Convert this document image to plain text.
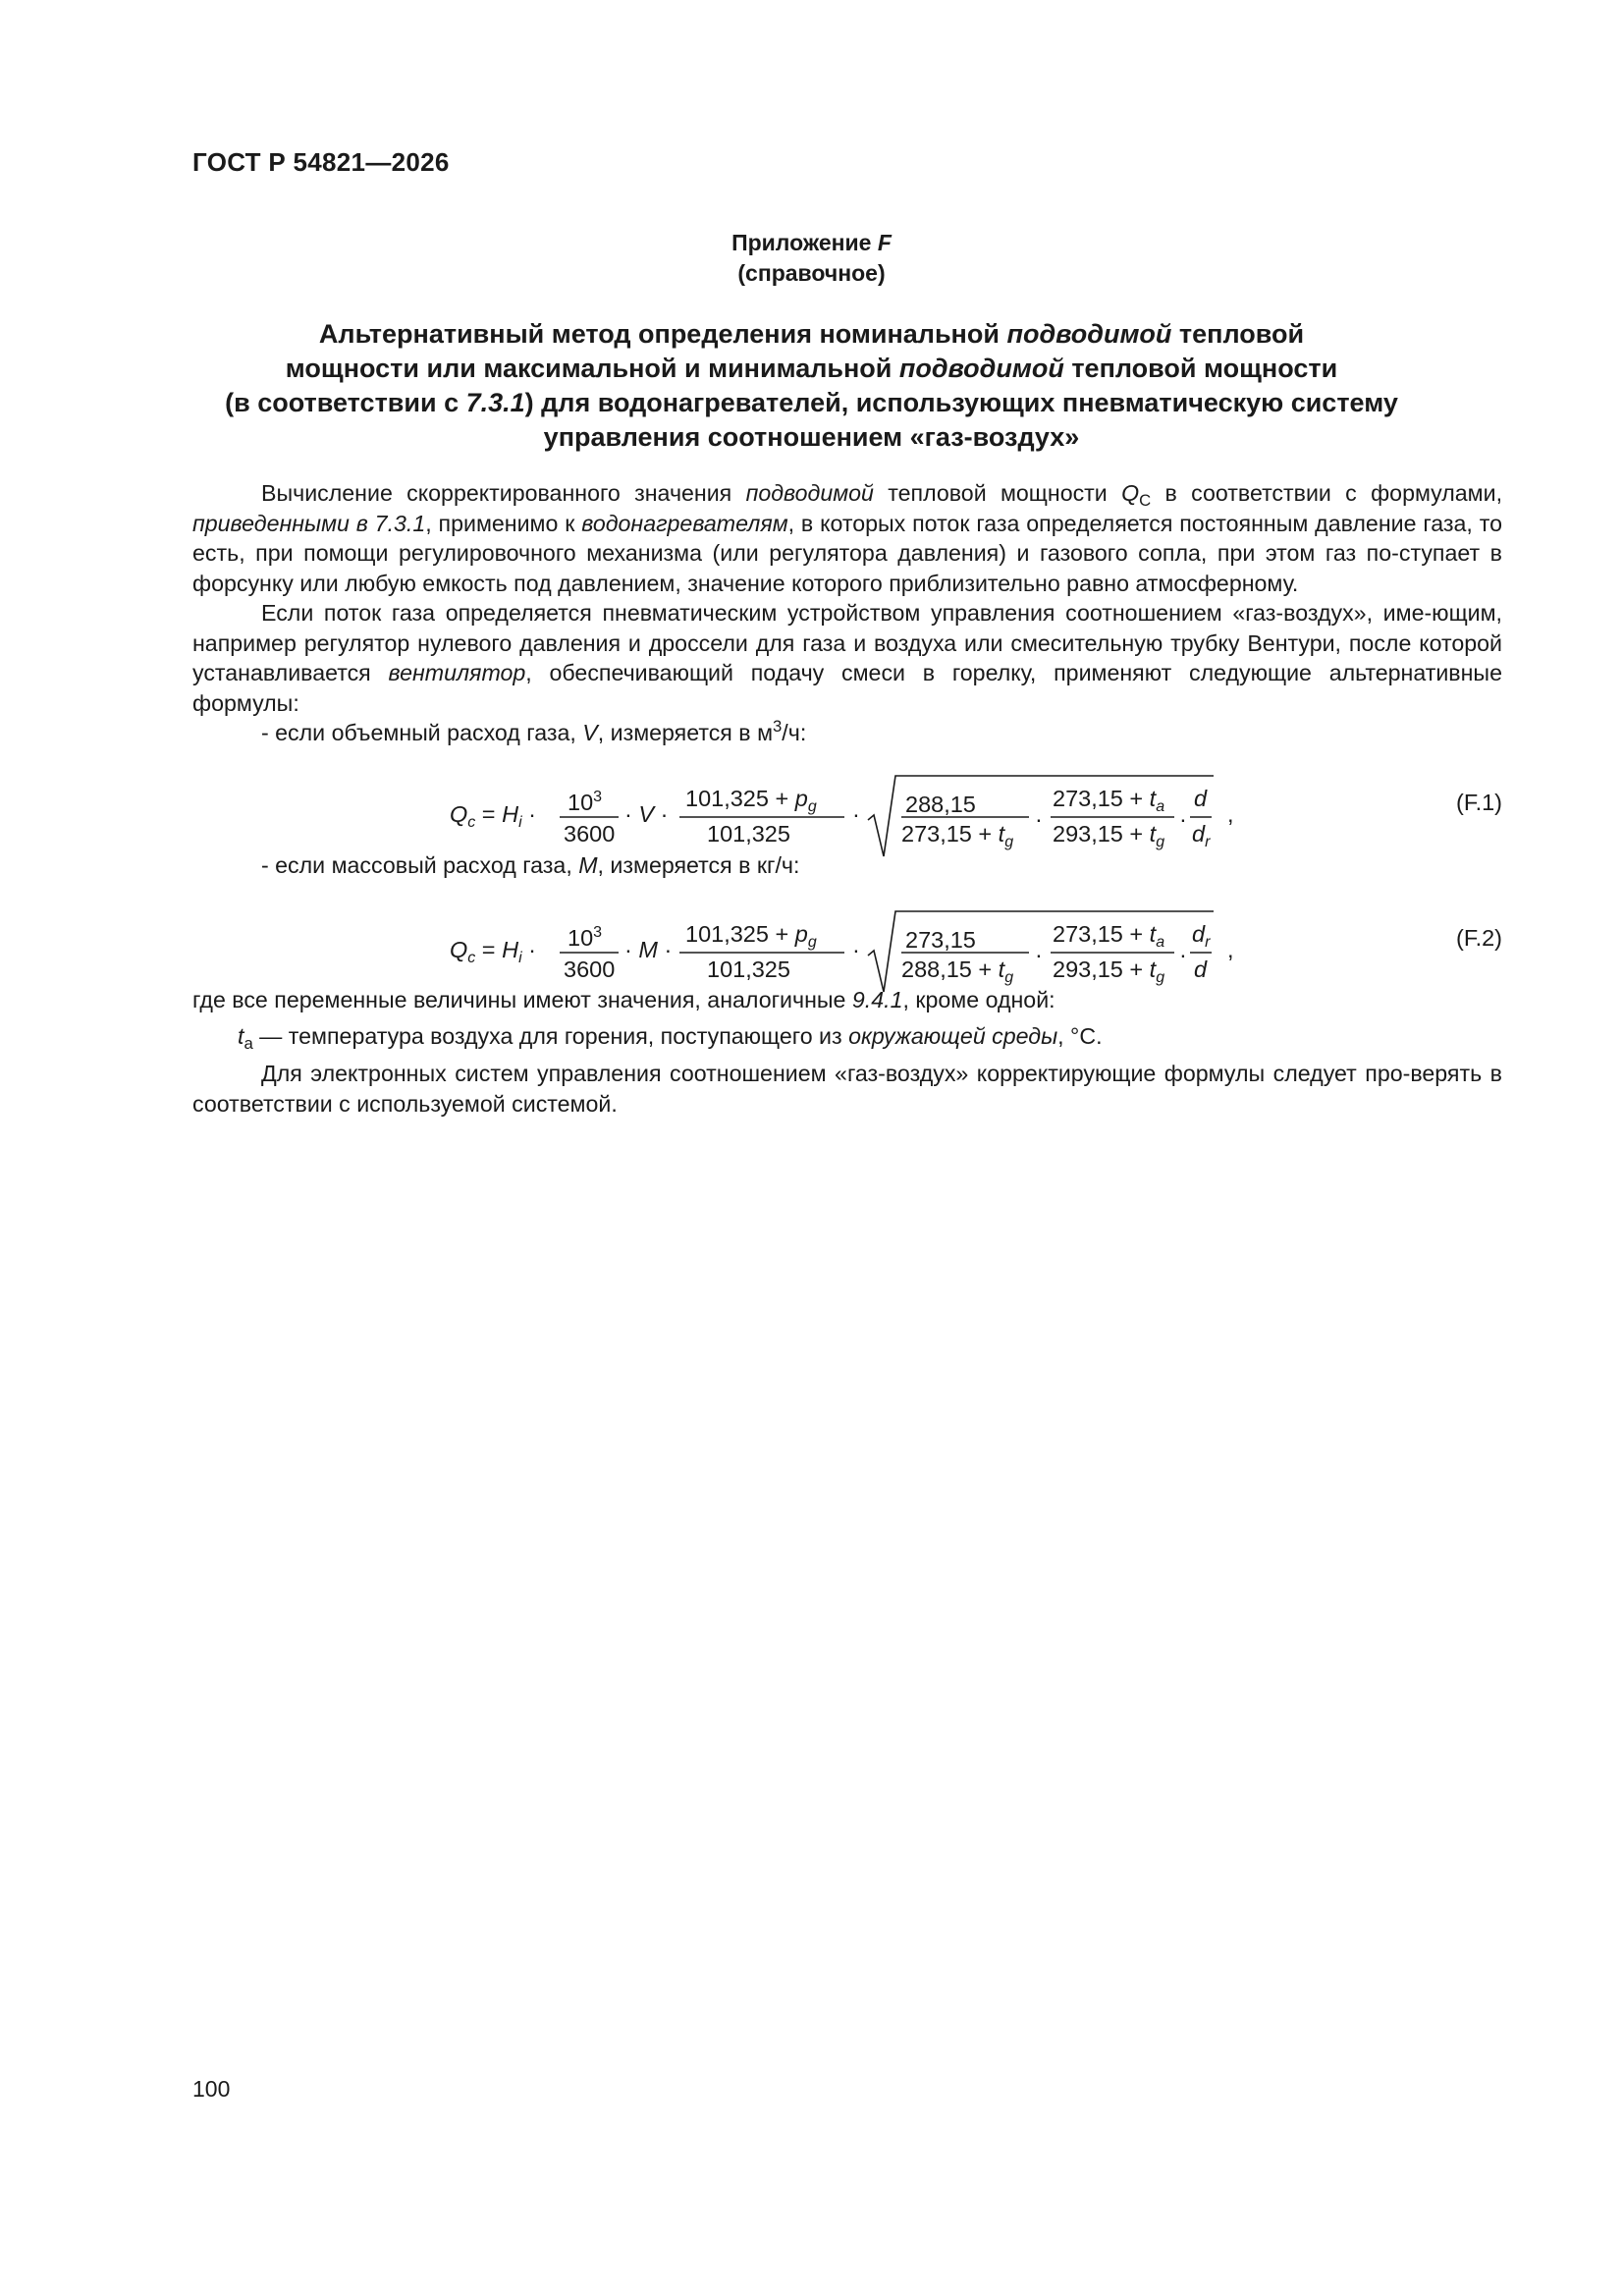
ГОСТ Р 54821—2026
Приложение F
(справочное)
Альтернативный метод определения номинальной подводимой тепловой
мощности или максимальной и минимальной подводимой тепловой мощности
(в соответствии с 7.3.1) для водонагревателей, использующих пневматическую систему
управления соотношением «газ-воздух»

Вычисление скорректированного значения подводимой тепловой мощности $Q_C$ в соответствии с формулами, приведенными в 7.3.1, применимо к водонагревателям, в которых поток газа определяется постоянным давление газа, то есть, при помощи регулировочного механизма (или регулятора давления) и газового сопла, при этом газ по-ступает в форсунку или любую емкость под давлением, значение которого приблизительно равно атмосферному.

Если поток газа определяется пневматическим устройством управления соотношением «газ-воздух», име-ющим, например регулятор нулевого давления и дроссели для газа и воздуха или смесительную трубку Вентури, после которой устанавливается вентилятор, обеспечивающий подачу смеси в горелку, применяют следующие альтернативные формулы:

- если объемный расход газа, V, измеряется в $м^3/ч$:

$Q_c = H_i \cdot 10^3$
3600
· V ·
$101,325 + p_g$
101,325
· 288,15
$273,15 + t_g$
·
$273,15 + t_a$
$293,15 + t_g$
·
d
$d_r$
,	(F.1)

- если массовый расход газа, M, измеряется в кг/ч:

$Q_c = H_i \cdot 10^3$
3600
· M ·
$101,325 + p_g$
101,325
· 273,15
$288,15 + t_g$
·
$273,15 + t_a$
$293,15 + t_g$
·
$d_r$
d
,	(F.2)

где все переменные величины имеют значения, аналогичные 9.4.1, кроме одной:

$t_a$ — температура воздуха для горения, поступающего из окружающей среды, °С.

Для электронных систем управления соотношением «газ-воздух» корректирующие формулы следует про-верять в соответствии с используемой системой.

100
